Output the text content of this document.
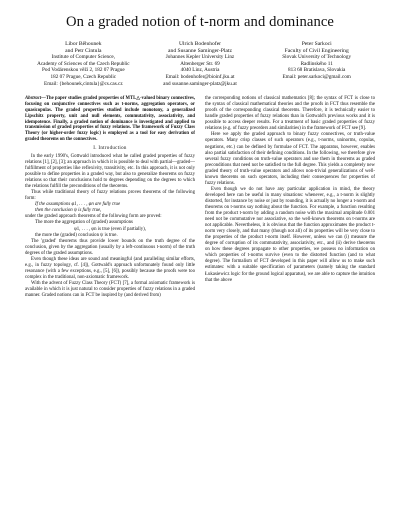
On a graded notion of t-norm and dominance
Libor Běhounek
and Petr Cintula
Institute of Computer Science,
Academy of Sciences of the Czech Republic
Pod Vodárenskou věží 2, 182 07 Prague
182 07 Prague, Czech Republic
Email: {behounek,cintula}@cs.cas.cz
Ulrich Bodenhofer
and Susanne Saminger-Platz
Johannes Kepler University Linz
Altenberger Str. 69
4040 Linz, Austria
Email: bodenhofer@bioinf.jku.at
and susanne.saminger-platz@jku.at
Peter Sarkoci
Faculty of Civil Engineering
Slovak University of Technology
Radlinského 11
813 68 Bratislava, Slovakia
Email: peter.sarkoci@gmail.com
Abstract—The paper studies graded properties of MTL△-valued binary connectives, focusing on conjunctive connectives such as t-norms, aggregation operators, or quasicopulas. The graded properties studied include monotony, a generalized Lipschitz property, unit and null elements, commutativity, associativity, and idempotence. Finally, a graded notion of dominance is investigated and applied to transmission of graded properties of fuzzy relations. The framework of Fuzzy Class Theory (or higher-order fuzzy logic) is employed as a tool for easy derivation of graded theorems on the connectives.
I. Introduction

In the early 1990's, Gottwald introduced what he called graded properties of fuzzy relations [1], [2], [3]; an approach in which it is possible to deal with partial—graded—fulfillment of properties like reflexivity, transitivity, etc. In this approach, it is not only possible to define properties in a graded way, but also to generalize theorems on fuzzy relations so that their conclusions hold to degrees depending on the degrees to which the relations fulfill the preconditions of the theorems.

Thus while traditional theory of fuzzy relations proves theorems of the following form:

If the assumptions φ1, . . . , φn are fully true

then the conclusion ψ is fully true,

under the graded approach theorems of the following form are proved:

The more the aggregation of (graded) assumptions

φ1, . . . , φn is true (even if partially),

the more the (graded) conclusion ψ is true.

The 'graded' theorems thus provide lower bounds on the truth degree of the conclusion, given by the aggregation (usually by a left-continuous t-norm) of the truth degrees of the graded assumptions.

Even though these ideas are sound and meaningful (and paralleling similar efforts, e.g., in fuzzy topology, cf. [4]), Gottwald's approach unfortunately found only little resonance (with a few exceptions, e.g., [5], [6]), possibly because the proofs were too complex in the traditional, non-axiomatic framework.

With the advent of Fuzzy Class Theory (FCT) [7], a formal axiomatic framework is available in which it is just natural to consider properties of fuzzy relations in a graded manner. Graded notions can in FCT be inspired by (and derived from)

the corresponding notions of classical mathematics [8]; the syntax of FCT is close to the syntax of classical mathematical theories and the proofs in FCT thus resemble the proofs of the corresponding classical theorems. Therefore, it is technically easier to handle graded properties of fuzzy relations than in Gottwald's previous works and it is possible to access deeper results. For a treatment of basic graded properties of fuzzy relations (e.g. of fuzzy preorders and similarities) in the framework of FCT see [9].

Here we apply the graded approach to binary fuzzy connectives, or truth-value operators. Many crisp classes of such operators (e.g., t-norms, uninorms, copulas, negations, etc.) can be defined by formulae of FCT. The apparatus, however, enables also partial satisfaction of their defining conditions. In the following, we therefore give several fuzzy conditions on truth-value operators and use them in theorems as graded preconditions that need not be satisfied to the full degree. This yields a completely new graded theory of truth-value operators and allows non-trivial generalizations of well-known theorems on such operators, including their consequences for properties of fuzzy relations.

Even though we do not have any particular application in mind, the theory developed here can be useful in many situations: whenever, e.g., a t-norm is slightly distorted, for instance by noise or just by rounding, it is actually no longer a t-norm and theorems on t-norms say nothing about the function. For example, a function resulting from the product t-norm by adding a random noise with the maximal amplitude 0.001 need not be commutative nor associative, so the well-known theorems on t-norms are not applicable. Nevertheless, it is obvious that the function approximates the product t-norm very closely, and that many (though not all) of its properties will be very close to the properties of the product t-norm itself. However, unless we can (i) measure the degree of corruption of its commutativity, associativity, etc., and (ii) derive theorems on how these degrees propagate to other properties, we possess no information on which properties of t-norms survive (even to the distorted function (and to what degree). The formalism of FCT developed in this paper will allow us to make such estimates: with a suitable specification of parameters (namely taking the standard Łukasiewicz logic for the ground logical apparatus), we are able to capture the intuition that the above
